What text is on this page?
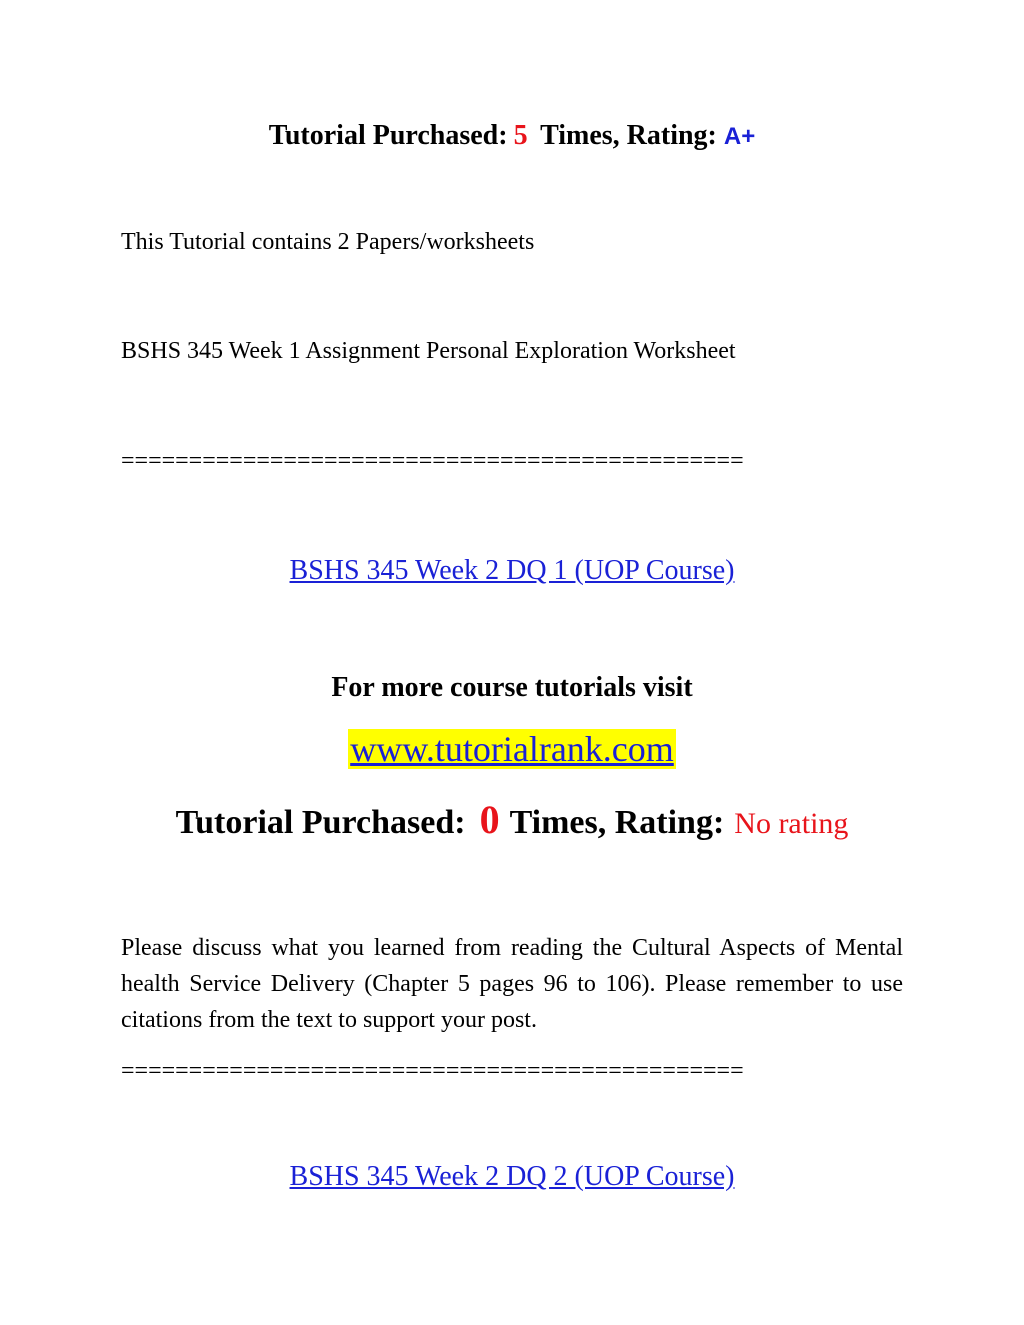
Tutorial Purchased: 5 Times, Rating: A+
This Tutorial contains 2 Papers/worksheets
BSHS 345 Week 1 Assignment Personal Exploration Worksheet
==============================================
BSHS 345 Week 2 DQ 1 (UOP Course)
For more course tutorials visit
www.tutorialrank.com
Tutorial Purchased: 0 Times, Rating: No rating
Please discuss what you learned from reading the Cultural Aspects of Mental health Service Delivery (Chapter 5 pages 96 to 106). Please remember to use citations from the text to support your post.
==============================================
BSHS 345 Week 2 DQ 2 (UOP Course)
